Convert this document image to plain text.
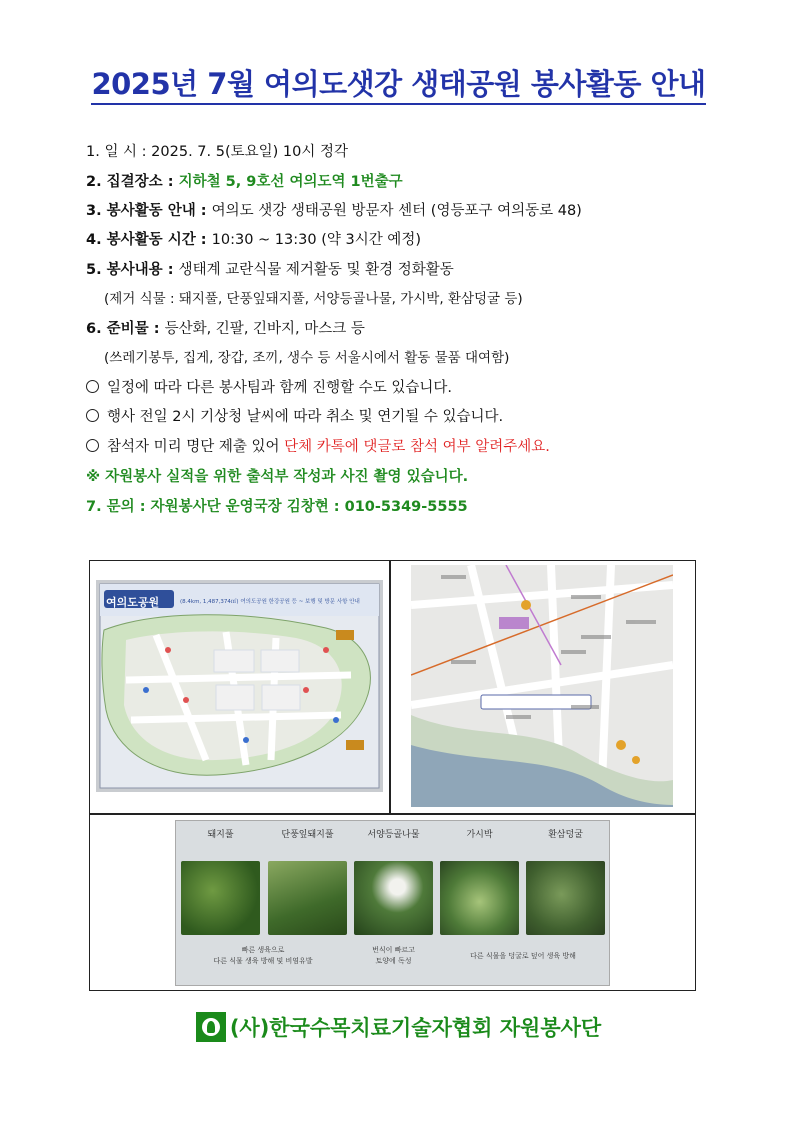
2025년 7월 여의도샛강 생태공원 봉사활동 안내
1. 일 시 : 2025. 7. 5(토요일) 10시 정각
2. 집결장소 : 지하철 5, 9호선 여의도역 1번출구
3. 봉사활동 안내 : 여의도 샛강 생태공원 방문자 센터 (영등포구 여의동로 48)
4. 봉사활동 시간 : 10:30 ~ 13:30 (약 3시간 예정)
5. 봉사내용 : 생태계 교란식물 제거활동 및 환경 정화활동
(제거 식물 : 돼지풀, 단풍잎돼지풀, 서양등골나물, 가시박, 환삼덩굴 등)
6. 준비물 : 등산화, 긴팔, 긴바지, 마스크 등
(쓰레기봉투, 집게, 장갑, 조끼, 생수 등 서울시에서 활동 물품 대여함)
일정에 따라 다른 봉사팀과 함께 진행할 수도 있습니다.
행사 전일 2시 기상청 날씨에 따라 취소 및 연기될 수 있습니다.
참석자 미리 명단 제출 있어 단체 카톡에 댓글로 참석 여부 알려주세요.
※ 자원봉사 실적을 위한 출석부 작성과 사진 촬영 있습니다.
7. 문의 : 자원봉사단 운영국장 김창현 : 010-5349-5555
여의도공원	(8.4km, 1,487,374㎡) 여의도공원 한강공원 등 ~ 보행 및 방문 사항 안내
돼지풀	단풍잎돼지풀	서양등골나물	가시박	환삼덩굴
빠른 생육으로
다른 식물 생육 방해 및 비염유발
번식이 빠르고
토양에 독성
다른 식물을 덩굴로 덮어 생육 방해
(사)한국수목치료기술자협회 자원봉사단
